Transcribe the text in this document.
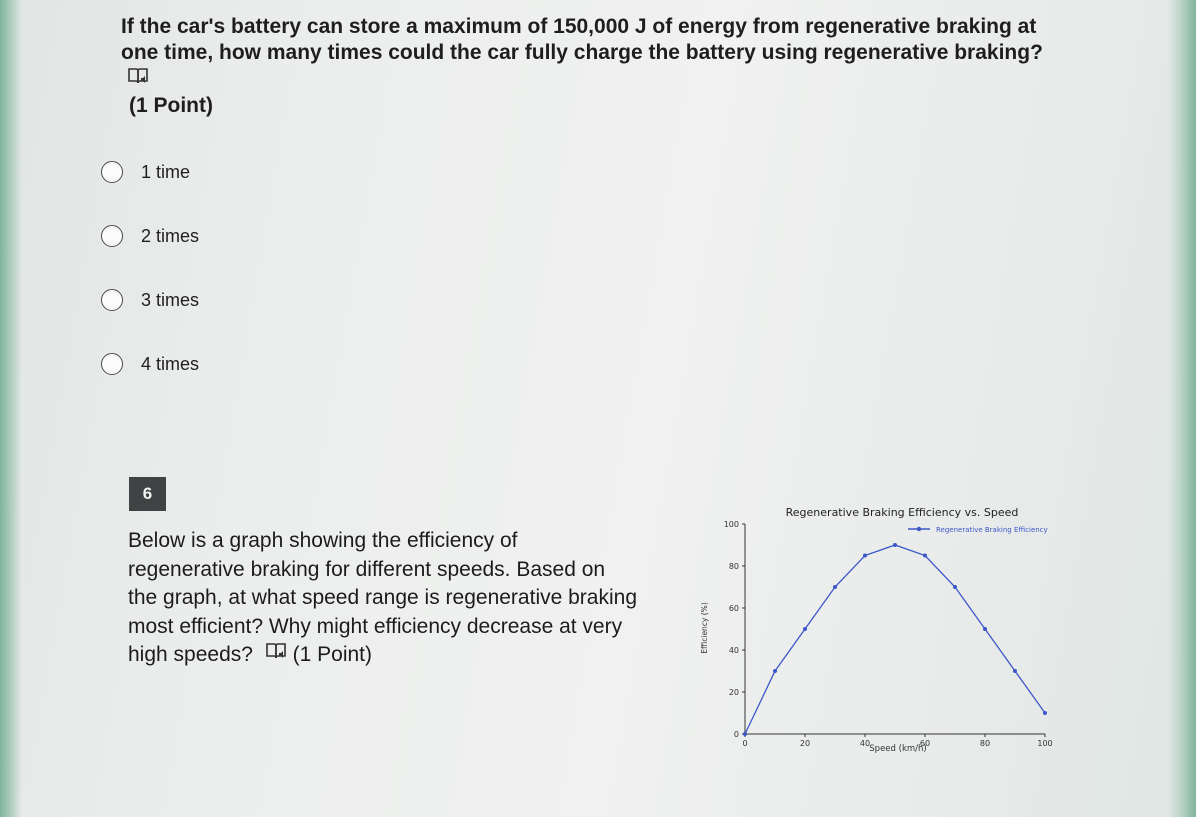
If the car's battery can store a maximum of 150,000 J of energy from regenerative braking at one time, how many times could the car fully charge the battery using regenerative braking?
(1 Point)
1 time
2 times
3 times
4 times
6

Below is a graph showing the efficiency of regenerative braking for different speeds. Based on the graph, at what speed range is regenerative braking most efficient? Why might efficiency decrease at very high speeds? (1 Point)

Regenerative Braking Efficiency vs. Speed
Regenerative Braking Efficiency
0
20
40
60
80
100
0	20	40	60	80	100
Speed (km/h)
Efficiency (%)
